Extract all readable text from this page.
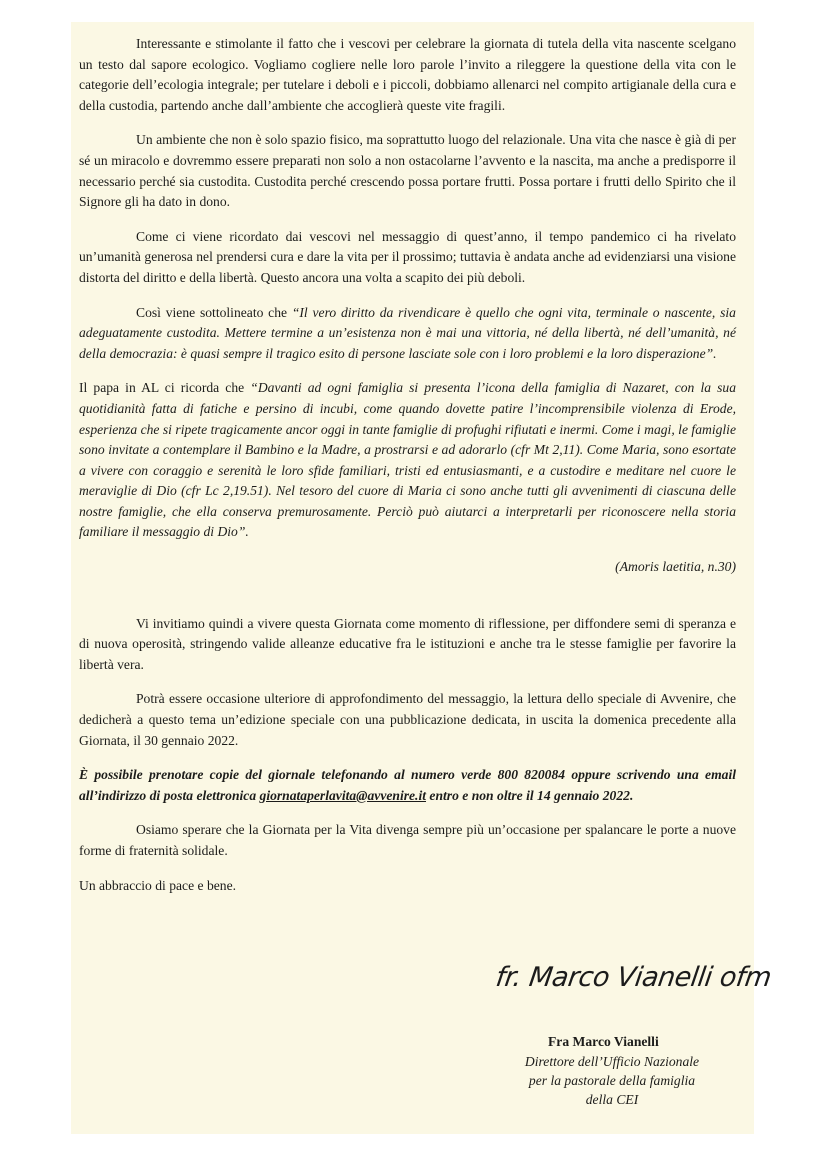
Interessante e stimolante il fatto che i vescovi per celebrare la giornata di tutela della vita nascente scelgano un testo dal sapore ecologico. Vogliamo cogliere nelle loro parole l’invito a rileggere la questione della vita con le categorie dell’ecologia integrale; per tutelare i deboli e i piccoli, dobbiamo allenarci nel compito artigianale della cura e della custodia, partendo anche dall’ambiente che accoglierà queste vite fragili.

Un ambiente che non è solo spazio fisico, ma soprattutto luogo del relazionale. Una vita che nasce è già di per sé un miracolo e dovremmo essere preparati non solo a non ostacolarne l’avvento e la nascita, ma anche a predisporre il necessario perché sia custodita. Custodita perché crescendo possa portare frutti. Possa portare i frutti dello Spirito che il Signore gli ha dato in dono.

Come ci viene ricordato dai vescovi nel messaggio di quest’anno, il tempo pandemico ci ha rivelato un’umanità generosa nel prendersi cura e dare la vita per il prossimo; tuttavia è andata anche ad evidenziarsi una visione distorta del diritto e della libertà. Questo ancora una volta a scapito dei più deboli.

Così viene sottolineato che “Il vero diritto da rivendicare è quello che ogni vita, terminale o nascente, sia adeguatamente custodita. Mettere termine a un’esistenza non è mai una vittoria, né della libertà, né dell’umanità, né della democrazia: è quasi sempre il tragico esito di persone lasciate sole con i loro problemi e la loro disperazione”.

Il papa in AL ci ricorda che “Davanti ad ogni famiglia si presenta l’icona della famiglia di Nazaret, con la sua quotidianità fatta di fatiche e persino di incubi, come quando dovette patire l’incomprensibile violenza di Erode, esperienza che si ripete tragicamente ancor oggi in tante famiglie di profughi rifiutati e inermi. Come i magi, le famiglie sono invitate a contemplare il Bambino e la Madre, a prostrarsi e ad adorarlo (cfr Mt 2,11). Come Maria, sono esortate a vivere con coraggio e serenità le loro sfide familiari, tristi ed entusiasmanti, e a custodire e meditare nel cuore le meraviglie di Dio (cfr Lc 2,19.51). Nel tesoro del cuore di Maria ci sono anche tutti gli avvenimenti di ciascuna delle nostre famiglie, che ella conserva premurosamente. Perciò può aiutarci a interpretarli per riconoscere nella storia familiare il messaggio di Dio”.

(Amoris laetitia, n.30)

Vi invitiamo quindi a vivere questa Giornata come momento di riflessione, per diffondere semi di speranza e di nuova operosità, stringendo valide alleanze educative fra le istituzioni e anche tra le stesse famiglie per favorire la libertà vera.

Potrà essere occasione ulteriore di approfondimento del messaggio, la lettura dello speciale di Avvenire, che dedicherà a questo tema un’edizione speciale con una pubblicazione dedicata, in uscita la domenica precedente alla Giornata, il 30 gennaio 2022.

È possibile prenotare copie del giornale telefonando al numero verde 800 820084 oppure scrivendo una email all’indirizzo di posta elettronica giornataperlavita@avvenire.it entro e non oltre il 14 gennaio 2022.

Osiamo sperare che la Giornata per la Vita divenga sempre più un’occasione per spalancare le porte a nuove forme di fraternità solidale.

Un abbraccio di pace e bene.

fr. Marco Vianelli ofm
Fra Marco Vianelli
Direttore dell’Ufficio Nazionale
per la pastorale della famiglia
della CEI
